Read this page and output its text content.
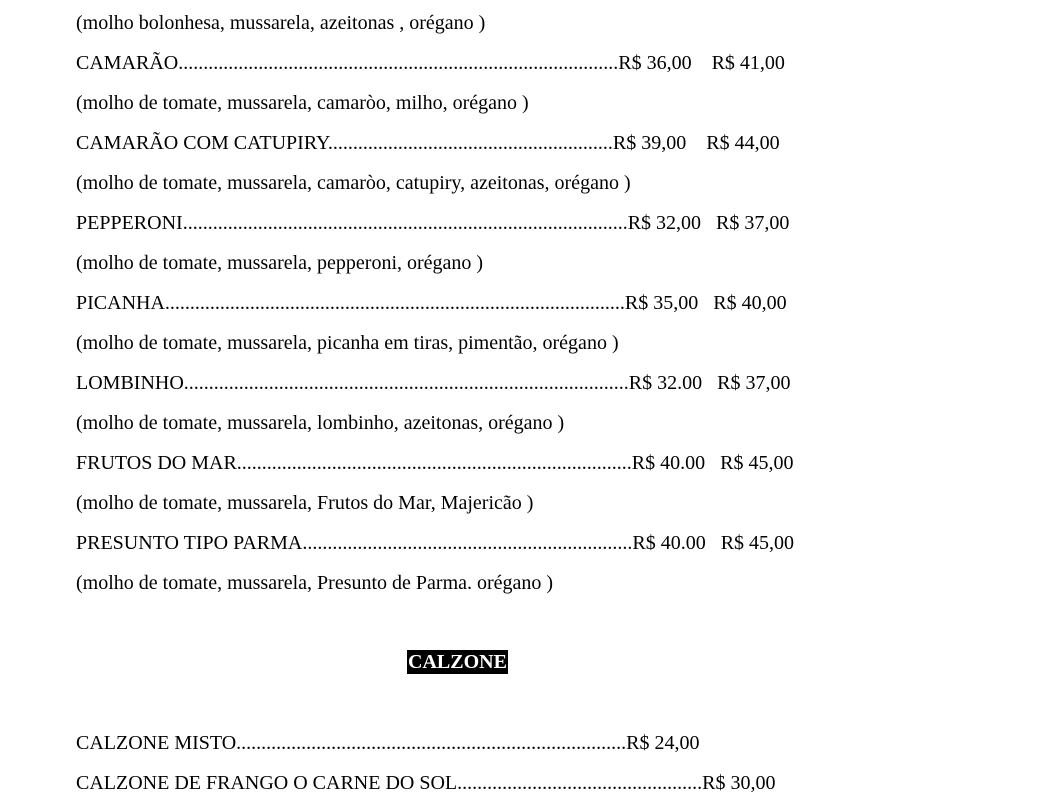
(molho bolonhesa, mussarela, azeitonas , orégano )
CAMARÃO........................................................................................R$ 36,00    R$ 41,00
(molho de tomate, mussarela, camaròo, milho, orégano )
CAMARÃO COM CATUPIRY.........................................................R$ 39,00    R$ 44,00
(molho de tomate, mussarela, camaròo, catupiry, azeitonas, orégano )
PEPPERONI.........................................................................................R$ 32,00   R$ 37,00
(molho de tomate, mussarela, pepperoni, orégano )
PICANHA............................................................................................R$ 35,00   R$ 40,00
(molho de tomate, mussarela, picanha em tiras, pimentão, orégano )
LOMBINHO.........................................................................................R$ 32.00   R$ 37,00
(molho de tomate, mussarela, lombinho, azeitonas, orégano )
FRUTOS DO MAR...............................................................................R$ 40.00   R$ 45,00
(molho de tomate, mussarela, Frutos do Mar, Majericão )
PRESUNTO TIPO PARMA..................................................................R$ 40.00   R$ 45,00
(molho de tomate, mussarela, Presunto de Parma. orégano )
CALZONE
CALZONE MISTO..............................................................................R$ 24,00
CALZONE DE FRANGO O CARNE DO SOL.................................................R$ 30,00
